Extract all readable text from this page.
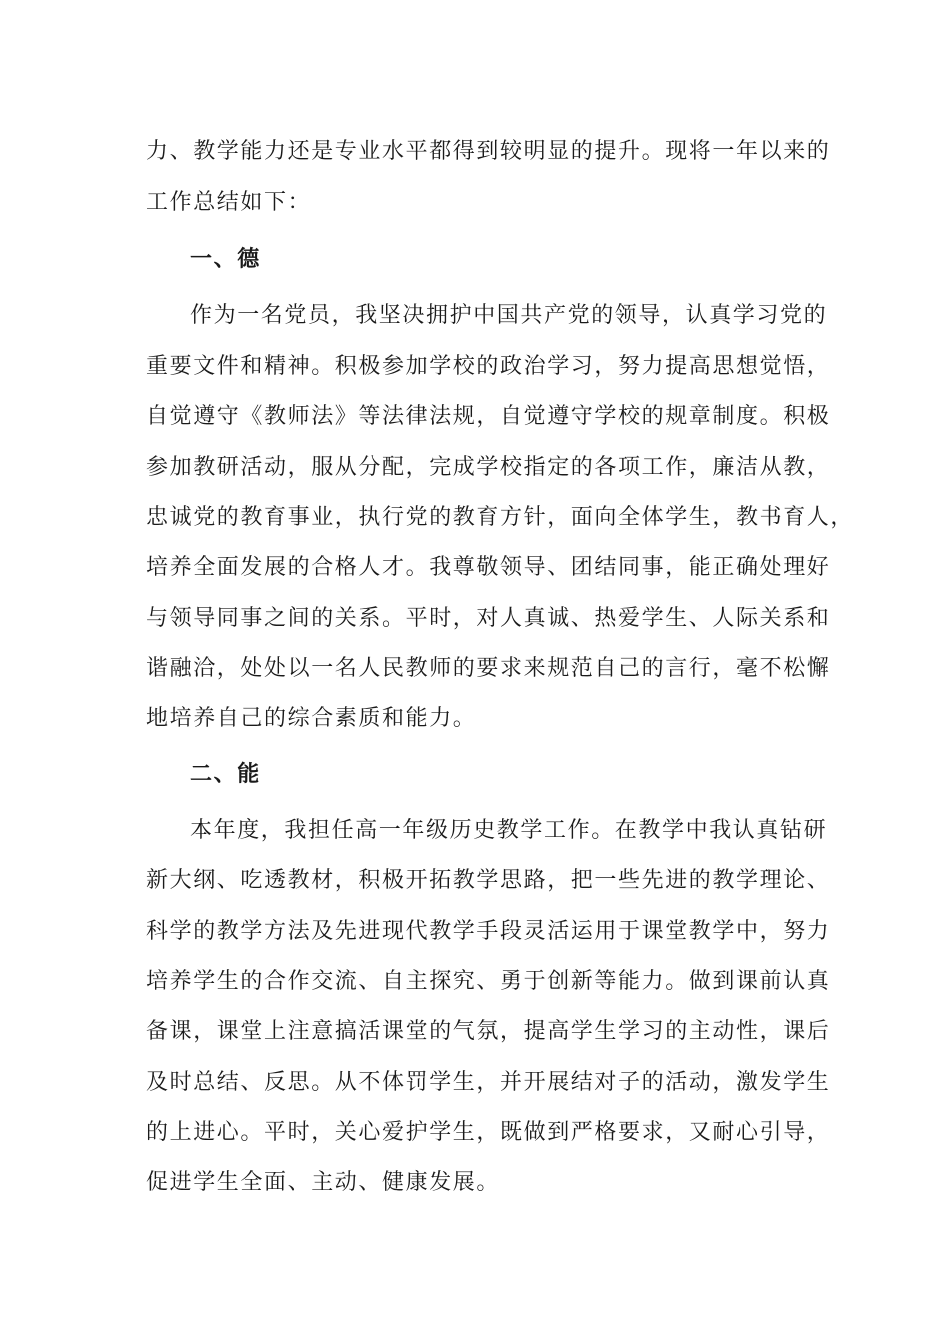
力、教学能力还是专业水平都得到较明显的提升。现将一年以来的
工作总结如下：
一、德
作为一名党员，我坚决拥护中国共产党的领导，认真学习党的
重要文件和精神。积极参加学校的政治学习，努力提高思想觉悟，
自觉遵守《教师法》等法律法规，自觉遵守学校的规章制度。积极
参加教研活动，服从分配，完成学校指定的各项工作，廉洁从教，
忠诚党的教育事业，执行党的教育方针，面向全体学生，教书育人，
培养全面发展的合格人才。我尊敬领导、团结同事，能正确处理好
与领导同事之间的关系。平时，对人真诚、热爱学生、人际关系和
谐融洽，处处以一名人民教师的要求来规范自己的言行，毫不松懈
地培养自己的综合素质和能力。
二、能
本年度，我担任高一年级历史教学工作。在教学中我认真钻研
新大纲、吃透教材，积极开拓教学思路，把一些先进的教学理论、
科学的教学方法及先进现代教学手段灵活运用于课堂教学中，努力
培养学生的合作交流、自主探究、勇于创新等能力。做到课前认真
备课，课堂上注意搞活课堂的气氛，提高学生学习的主动性，课后
及时总结、反思。从不体罚学生，并开展结对子的活动，激发学生
的上进心。平时，关心爱护学生，既做到严格要求，又耐心引导，
促进学生全面、主动、健康发展。
